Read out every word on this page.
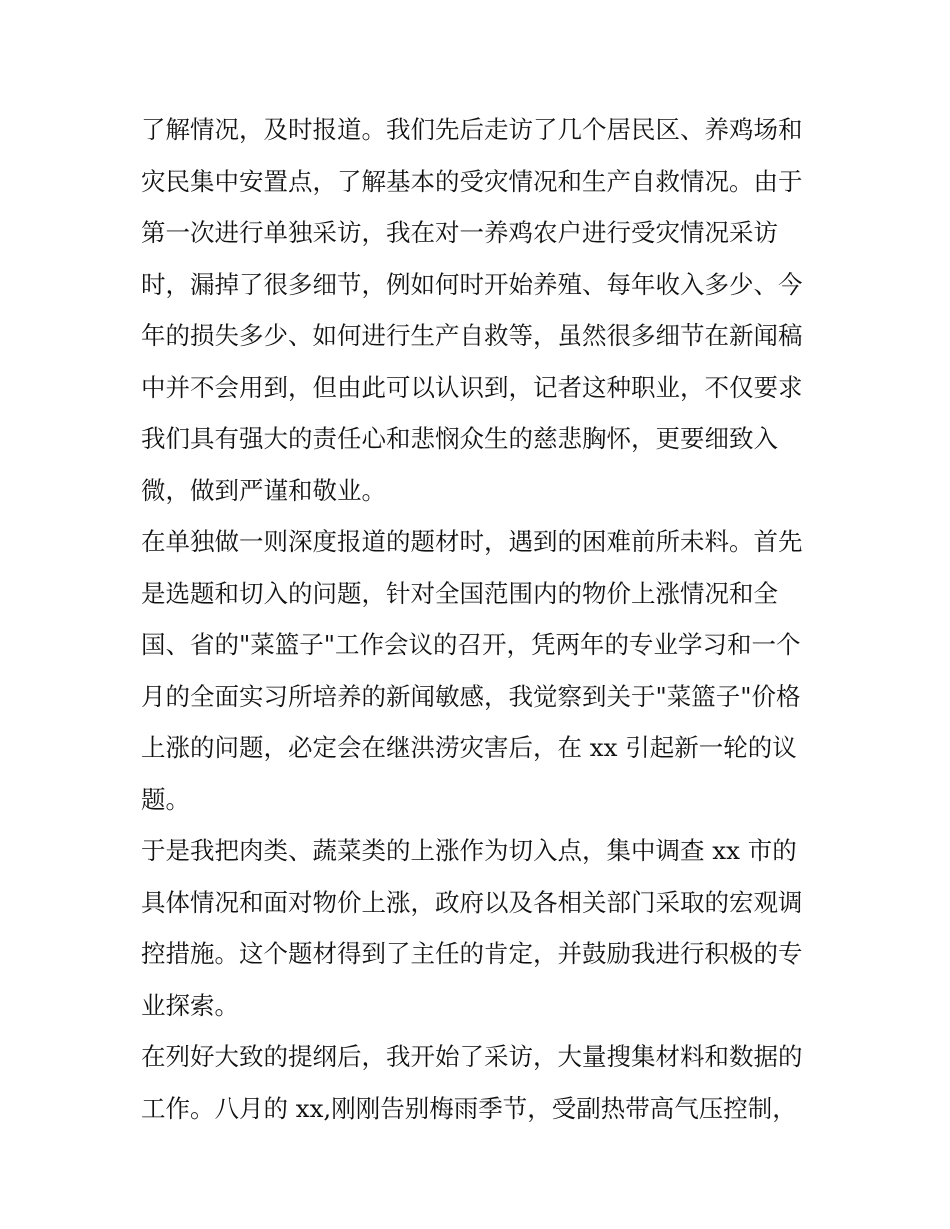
了解情况，及时报道。我们先后走访了几个居民区、养鸡场和
灾民集中安置点，了解基本的受灾情况和生产自救情况。由于
第一次进行单独采访，我在对一养鸡农户进行受灾情况采访
时，漏掉了很多细节，例如何时开始养殖、每年收入多少、今
年的损失多少、如何进行生产自救等，虽然很多细节在新闻稿
中并不会用到，但由此可以认识到，记者这种职业，不仅要求
我们具有强大的责任心和悲悯众生的慈悲胸怀，更要细致入
微，做到严谨和敬业。

在单独做一则深度报道的题材时，遇到的困难前所未料。首先
是选题和切入的问题，针对全国范围内的物价上涨情况和全
国、省的"菜篮子"工作会议的召开，凭两年的专业学习和一个
月的全面实习所培养的新闻敏感，我觉察到关于"菜篮子"价格
上涨的问题，必定会在继洪涝灾害后，在 xx 引起新一轮的议
题。

于是我把肉类、蔬菜类的上涨作为切入点，集中调查 xx 市的
具体情况和面对物价上涨，政府以及各相关部门采取的宏观调
控措施。这个题材得到了主任的肯定，并鼓励我进行积极的专
业探索。

在列好大致的提纲后，我开始了采访，大量搜集材料和数据的
工作。八月的 xx,刚刚告别梅雨季节，受副热带高气压控制，
